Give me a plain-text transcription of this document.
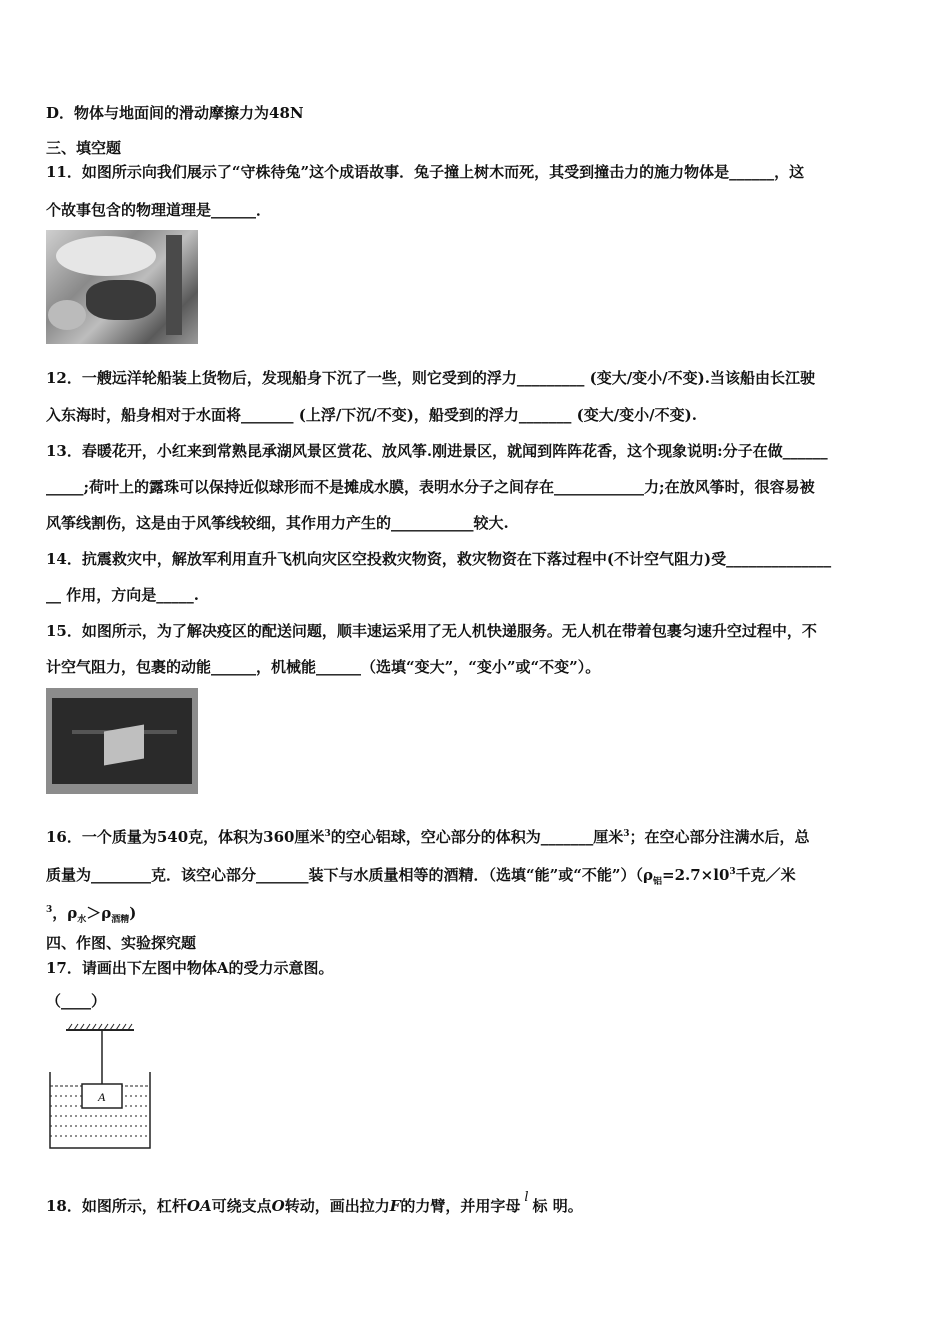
D．物体与地面间的滑动摩擦力为48N
三、填空题
11．如图所示向我们展示了“守株待兔”这个成语故事．兔子撞上树木而死，其受到撞击力的施力物体是______，这
个故事包含的物理道理是______．
12．一艘远洋轮船装上货物后，发现船身下沉了一些，则它受到的浮力_________ (变大/变小/不变).当该船由长江驶
入东海时，船身相对于水面将_______ (上浮/下沉/不变)，船受到的浮力_______ (变大/变小/不变).
13．春暖花开，小红来到常熟昆承湖风景区赏花、放风筝.刚进景区，就闻到阵阵花香，这个现象说明:分子在做______
_____;荷叶上的露珠可以保持近似球形而不是摊成水膜，表明水分子之间存在____________力;在放风筝时，很容易被
风筝线割伤，这是由于风筝线较细，其作用力产生的___________较大.
14．抗震救灾中，解放军利用直升飞机向灾区空投救灾物资，救灾物资在下落过程中(不计空气阻力)受______________
__ 作用，方向是_____.
15．如图所示，为了解决疫区的配送问题，顺丰速运采用了无人机快递服务。无人机在带着包裹匀速升空过程中，不
计空气阻力，包裹的动能______，机械能______（选填“变大”，“变小”或“不变”）。
16．一个质量为540克，体积为360厘米$^3$的空心铝球，空心部分的体积为_______厘米$^3$；在空心部分注满水后，总
质量为________克．该空心部分_______装下与水质量相等的酒精．（选填“能”或“不能$”)(\rho_铝=2.7\times l0^3$千克／米
$^3$，$\rho_水>\rho_{酒精}$)
四、作图、实验探究题
17．请画出下左图中物体A的受力示意图。
（____）
A
18．如图所示，杠杆OA可绕支点O转动，画出拉力F的力臂，并用字母 l 标 明。
